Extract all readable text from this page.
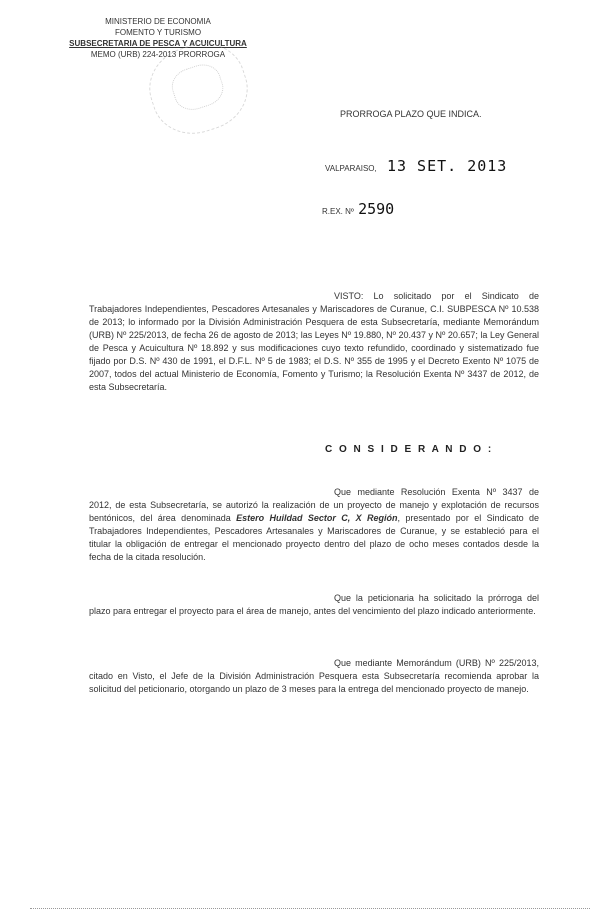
MINISTERIO DE ECONOMIA
FOMENTO Y TURISMO
SUBSECRETARIA DE PESCA Y ACUICULTURA
MEMO (URB) 224-2013 PRORROGA
PRORROGA PLAZO QUE INDICA.
VALPARAISO, 13 SET. 2013
R.EX. Nº 2590
VISTO: Lo solicitado por el Sindicato de Trabajadores Independientes, Pescadores Artesanales y Mariscadores de Curanue, C.I. SUBPESCA Nº 10.538 de 2013; lo informado por la División Administración Pesquera de esta Subsecretaría, mediante Memorándum (URB) Nº 225/2013, de fecha 26 de agosto de 2013; las Leyes Nº 19.880, Nº 20.437 y Nº 20.657; la Ley General de Pesca y Acuicultura Nº 18.892 y sus modificaciones cuyo texto refundido, coordinado y sistematizado fue fijado por D.S. Nº 430 de 1991, el D.F.L. Nº 5 de 1983; el D.S. Nº 355 de 1995 y el Decreto Exento Nº 1075 de 2007, todos del actual Ministerio de Economía, Fomento y Turismo; la Resolución Exenta Nº 3437 de 2012, de esta Subsecretaría.
C O N S I D E R A N D O :
Que mediante Resolución Exenta Nº 3437 de 2012, de esta Subsecretaría, se autorizó la realización de un proyecto de manejo y explotación de recursos bentónicos, del área denominada Estero Huildad Sector C, X Región, presentado por el Sindicato de Trabajadores Independientes, Pescadores Artesanales y Mariscadores de Curanue, y se estableció para el titular la obligación de entregar el mencionado proyecto dentro del plazo de ocho meses contados desde la fecha de la citada resolución.
Que la peticionaria ha solicitado la prórroga del plazo para entregar el proyecto para el área de manejo, antes del vencimiento del plazo indicado anteriormente.
Que mediante Memorándum (URB) Nº 225/2013, citado en Visto, el Jefe de la División Administración Pesquera esta Subsecretaría recomienda aprobar la solicitud del peticionario, otorgando un plazo de 3 meses para la entrega del mencionado proyecto de manejo.
